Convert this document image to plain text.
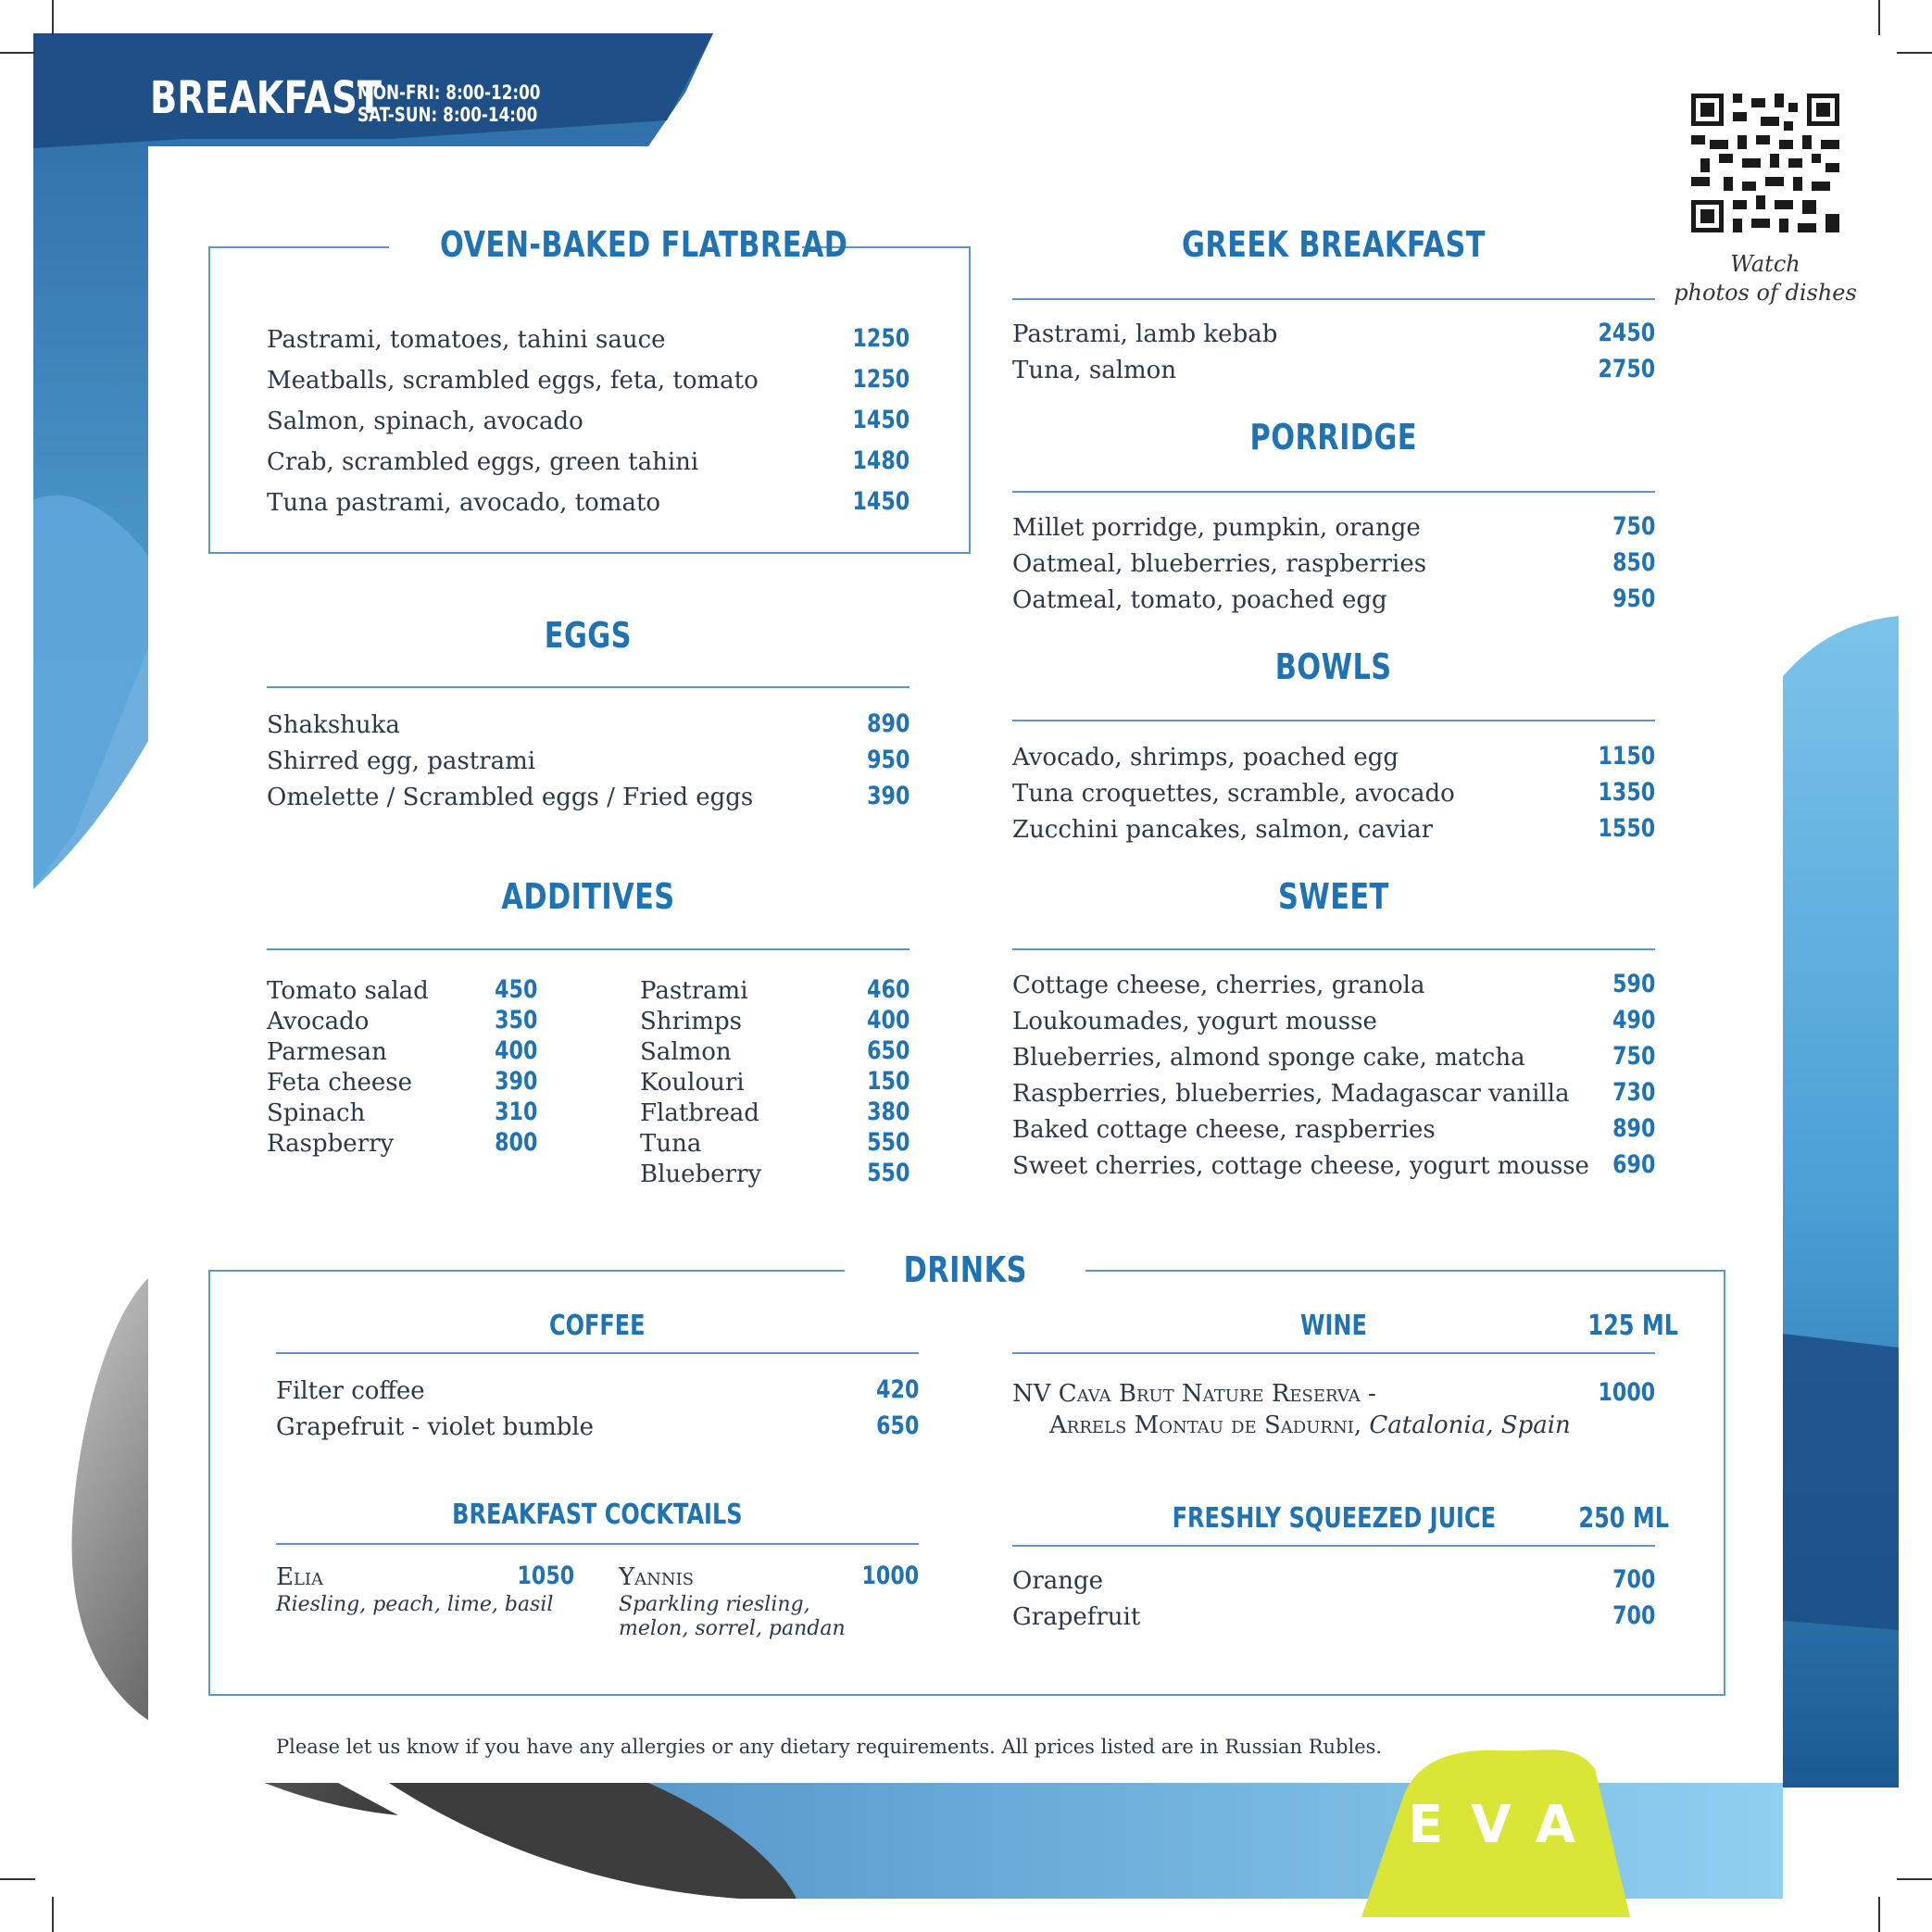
BREAKFAST
MON-FRI: 8:00-12:00
SAT-SUN: 8:00-14:00
Watch
photos of dishes
OVEN-BAKED FLATBREAD
Pastrami, tomatoes, tahini sauce	1250
Meatballs, scrambled eggs, feta, tomato	1250
Salmon, spinach, avocado	1450
Crab, scrambled eggs, green tahini	1480
Tuna pastrami, avocado, tomato	1450
EGGS
Shakshuka	890
Shirred egg, pastrami	950
Omelette / Scrambled eggs / Fried eggs	390
ADDITIVES
Tomato salad	450
Avocado	350
Parmesan	400
Feta cheese	390
Spinach	310
Raspberry	800
Pastrami	460
Shrimps	400
Salmon	650
Koulouri	150
Flatbread	380
Tuna	550
Blueberry	550
GREEK BREAKFAST
Pastrami, lamb kebab	2450
Tuna, salmon	2750
PORRIDGE
Millet porridge, pumpkin, orange	750
Oatmeal, blueberries, raspberries	850
Oatmeal, tomato, poached egg	950
BOWLS
Avocado, shrimps, poached egg	1150
Tuna croquettes, scramble, avocado	1350
Zucchini pancakes, salmon, caviar	1550
SWEET
Cottage cheese, cherries, granola	590
Loukoumades, yogurt mousse	490
Blueberries, almond sponge cake, matcha	750
Raspberries, blueberries, Madagascar vanilla 730
Baked cottage cheese, raspberries	890
Sweet cherries, cottage cheese, yogurt mousse 690
DRINKS
COFFEE
Filter coffee	420
Grapefruit - violet bumble	650
BREAKFAST COCKTAILS
Elia	1050
Riesling, peach, lime, basil
Yannis	1000
Sparkling riesling,
melon, sorrel, pandan
WINE	125 ML
NV Cava Brut Nature Reserva -	1000
Arrels Montau de Sadurni, Catalonia, Spain
FRESHLY SQUEEZED JUICE	250 ML
Orange	700
Grapefruit	700
Please let us know if you have any allergies or any dietary requirements. All prices listed are in Russian Rubles.
EVA
